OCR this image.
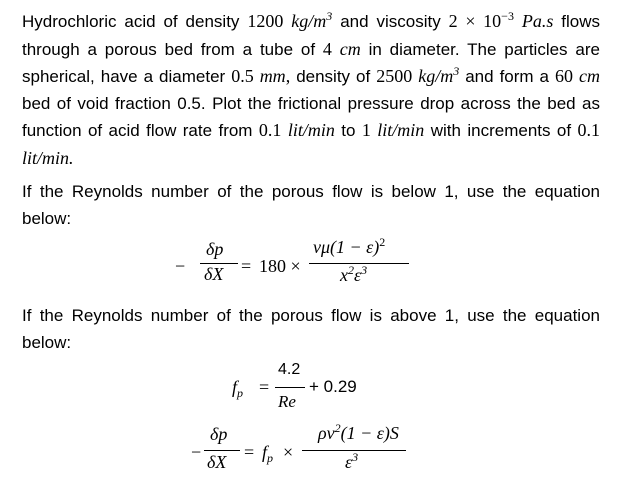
Hydrochloric acid of density 1200 $kg/m^3$ and viscosity $2 \times 10^{-3}$ Pa.s flows through a porous bed from a tube of 4 cm in diameter. The particles are spherical, have a diameter 0.5 mm, density of 2500 $kg/m^3$ and form a 60 cm bed of void fraction 0.5. Plot the frictional pressure drop across the bed as function of acid flow rate from 0.1 lit/min to 1 lit/min with increments of 0.1 lit/min.
If the Reynolds number of the porous flow is below 1, use the equation below:
−
δp
δX = 180 ×
$v\mu(1 - \varepsilon)^2$
$x^2\varepsilon^3$
If the Reynolds number of the porous flow is above 1, use the equation below:
$f_p$ =
4.2
Re
+ 0.29
−
δp
$\delta X = f_p$ ×
$\rho v^2(1 - \varepsilon)S$
$\varepsilon^3$
